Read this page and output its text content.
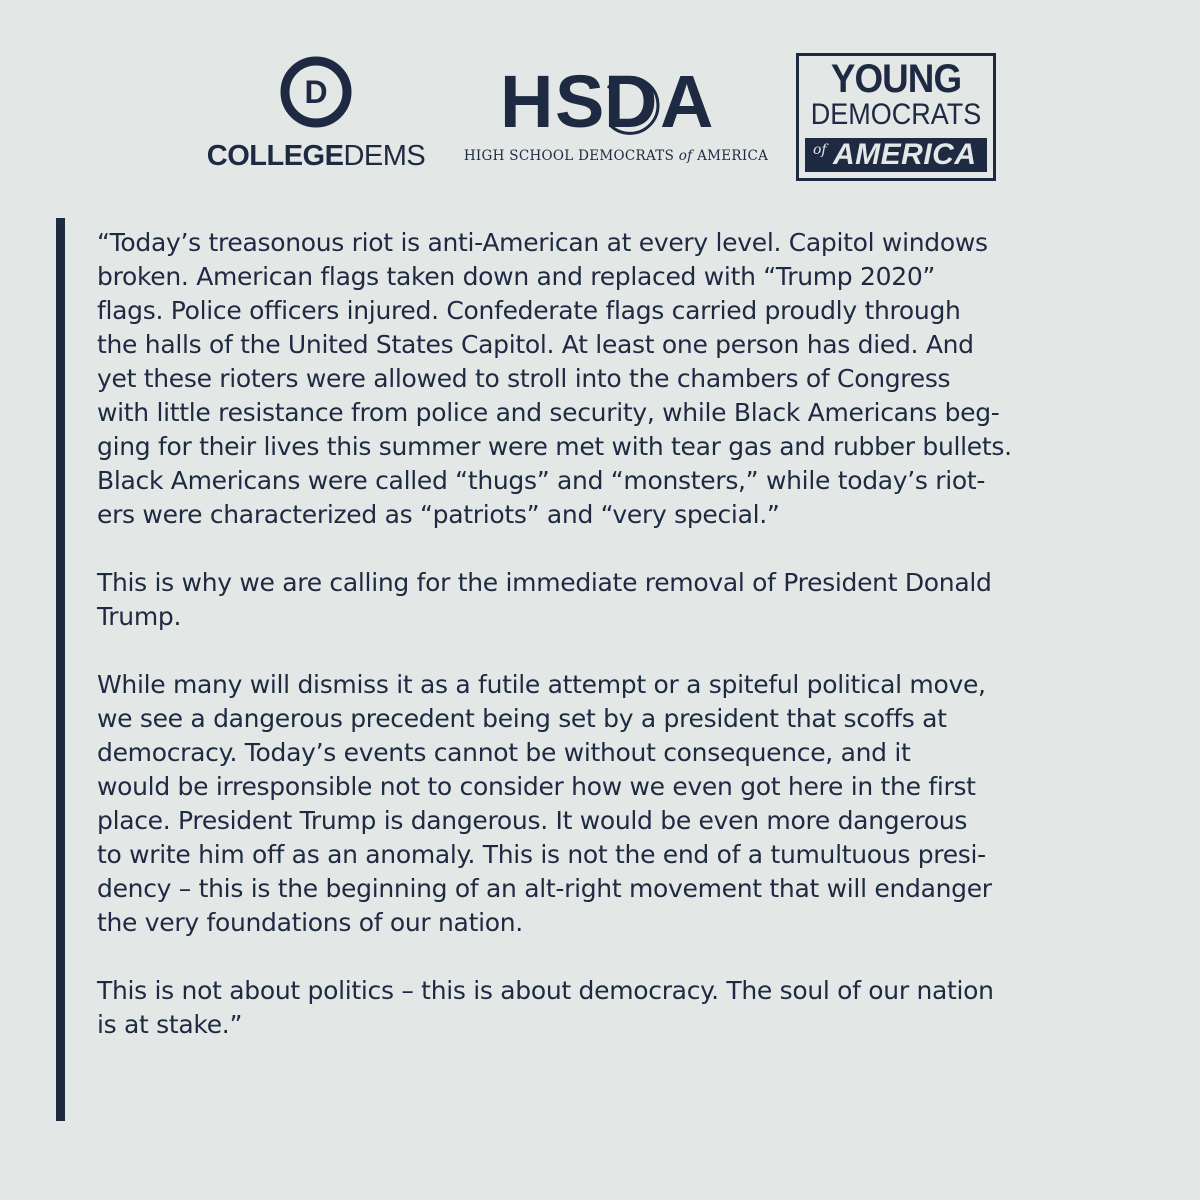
D
COLLEGEDEMS
H S D A
HIGH SCHOOL DEMOCRATS of AMERICA
YOUNG
DEMOCRATS
of AMERICA
“Today’s treasonous riot is anti-American at every level. Capitol windows
broken. American flags taken down and replaced with “Trump 2020”
flags. Police officers injured. Confederate flags carried proudly through
the halls of the United States Capitol. At least one person has died. And
yet these rioters were allowed to stroll into the chambers of Congress
with little resistance from police and security, while Black Americans beg-
ging for their lives this summer were met with tear gas and rubber bullets.
Black Americans were called “thugs” and “monsters,” while today’s riot-
ers were characterized as “patriots” and “very special.”
This is why we are calling for the immediate removal of President Donald
Trump.
While many will dismiss it as a futile attempt or a spiteful political move,
we see a dangerous precedent being set by a president that scoffs at
democracy. Today’s events cannot be without consequence, and it
would be irresponsible not to consider how we even got here in the first
place. President Trump is dangerous. It would be even more dangerous
to write him off as an anomaly. This is not the end of a tumultuous presi-
dency – this is the beginning of an alt-right movement that will endanger
the very foundations of our nation.
This is not about politics – this is about democracy. The soul of our nation
is at stake.”
